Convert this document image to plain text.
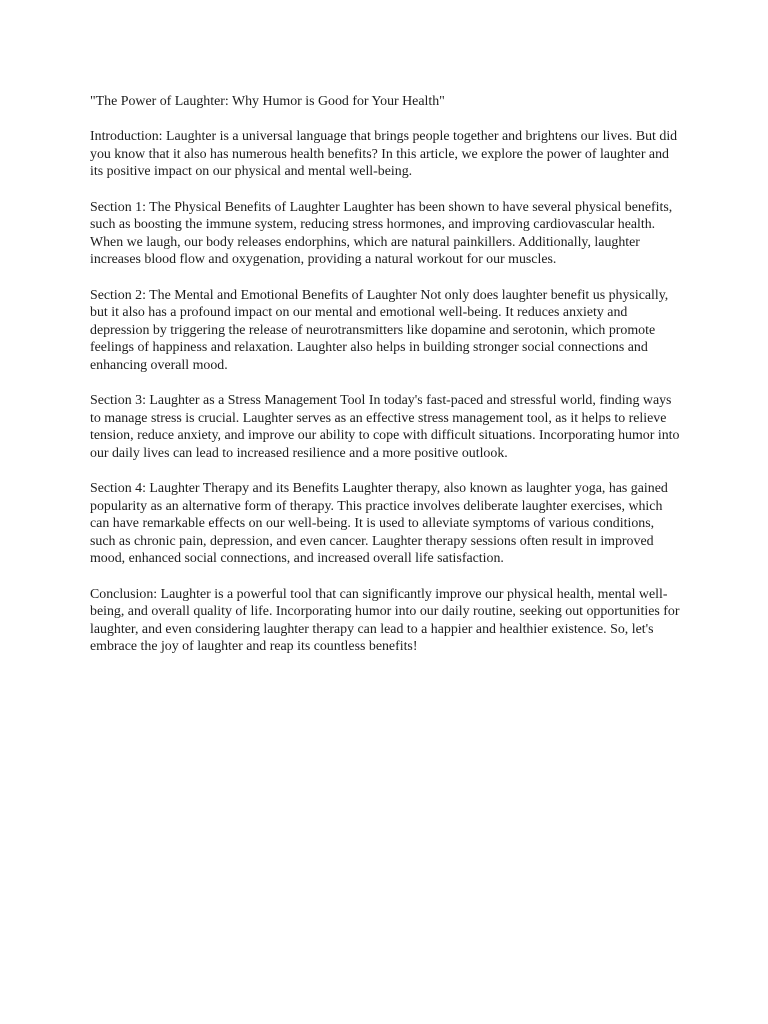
"The Power of Laughter: Why Humor is Good for Your Health"

Introduction: Laughter is a universal language that brings people together and brightens our lives. But did you know that it also has numerous health benefits? In this article, we explore the power of laughter and its positive impact on our physical and mental well-being.

Section 1: The Physical Benefits of Laughter Laughter has been shown to have several physical benefits, such as boosting the immune system, reducing stress hormones, and improving cardiovascular health. When we laugh, our body releases endorphins, which are natural painkillers. Additionally, laughter increases blood flow and oxygenation, providing a natural workout for our muscles.

Section 2: The Mental and Emotional Benefits of Laughter Not only does laughter benefit us physically, but it also has a profound impact on our mental and emotional well-being. It reduces anxiety and depression by triggering the release of neurotransmitters like dopamine and serotonin, which promote feelings of happiness and relaxation. Laughter also helps in building stronger social connections and enhancing overall mood.

Section 3: Laughter as a Stress Management Tool In today's fast-paced and stressful world, finding ways to manage stress is crucial. Laughter serves as an effective stress management tool, as it helps to relieve tension, reduce anxiety, and improve our ability to cope with difficult situations. Incorporating humor into our daily lives can lead to increased resilience and a more positive outlook.

Section 4: Laughter Therapy and its Benefits Laughter therapy, also known as laughter yoga, has gained popularity as an alternative form of therapy. This practice involves deliberate laughter exercises, which can have remarkable effects on our well-being. It is used to alleviate symptoms of various conditions, such as chronic pain, depression, and even cancer. Laughter therapy sessions often result in improved mood, enhanced social connections, and increased overall life satisfaction.

Conclusion: Laughter is a powerful tool that can significantly improve our physical health, mental well-being, and overall quality of life. Incorporating humor into our daily routine, seeking out opportunities for laughter, and even considering laughter therapy can lead to a happier and healthier existence. So, let's embrace the joy of laughter and reap its countless benefits!
